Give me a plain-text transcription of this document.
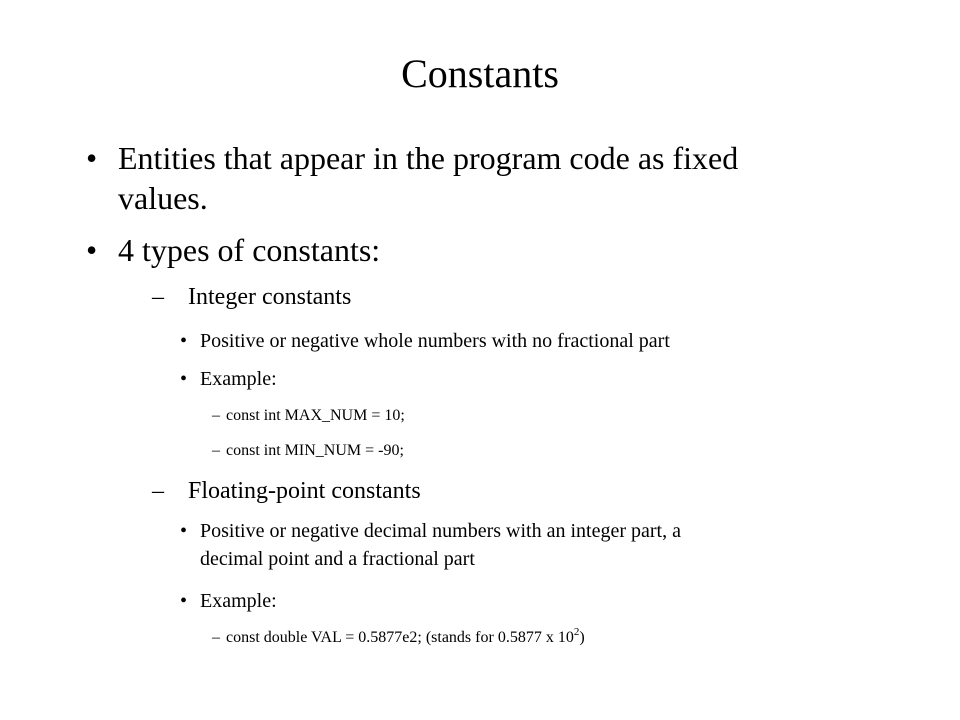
Constants
• Entities that appear in the program code as fixed
values.
• 4 types of constants:
– Integer constants
• Positive or negative whole numbers with no fractional part
• Example:
– const int MAX_NUM = 10;
– const int MIN_NUM = -90;
– Floating-point constants
• Positive or negative decimal numbers with an integer part, a
decimal point and a fractional part
• Example:
– const double VAL = 0.5877e2; (stands for 0.5877 x $10^2$)
